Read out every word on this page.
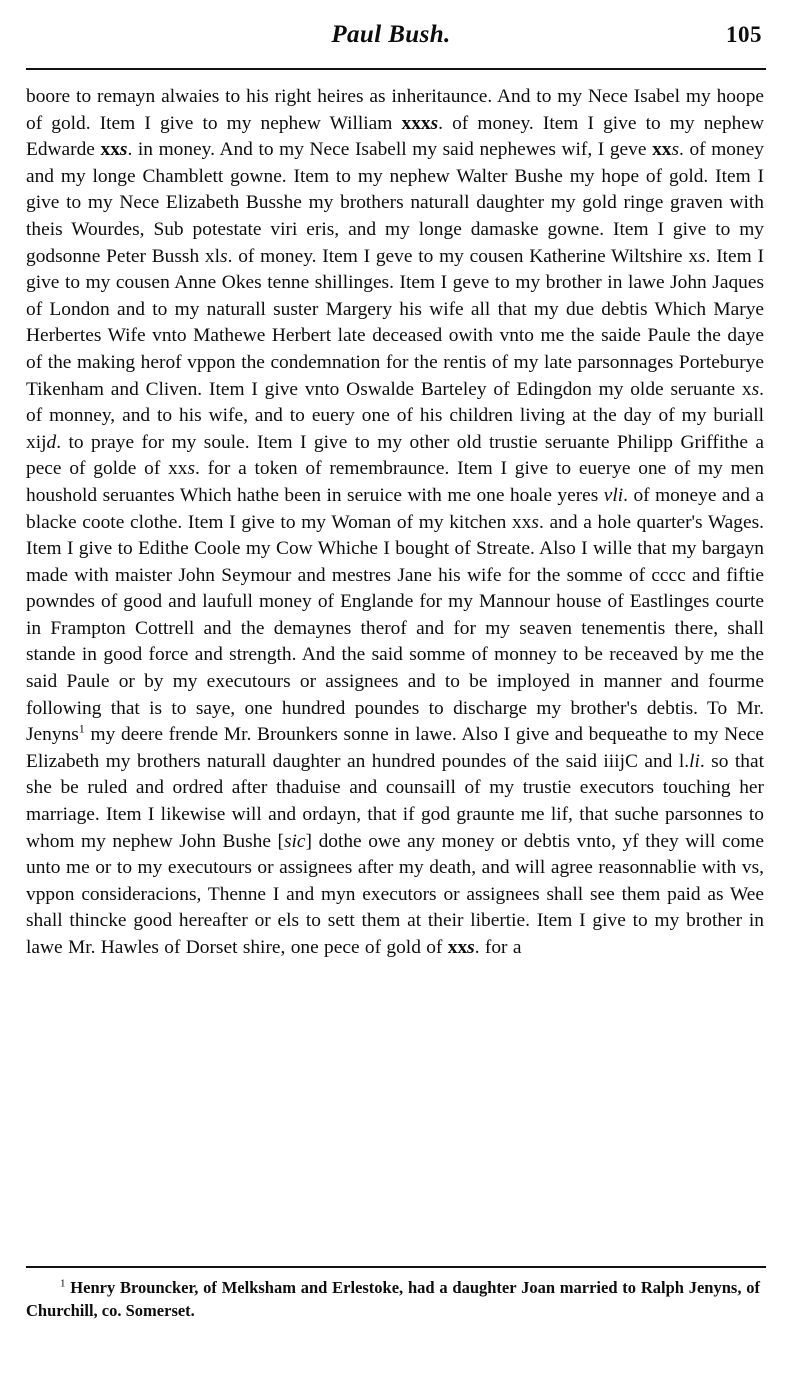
Paul Bush.	105

boore to remayn alwaies to his right heires as inheritaunce. And to my Nece Isabel my hoope of gold. Item I give to my nephew William xxxs. of money. Item I give to my nephew Edwarde xxs. in money. And to my Nece Isabell my said nephewes wif, I geve xxs. of money and my longe Chamblett gowne. Item to my nephew Walter Bushe my hope of gold. Item I give to my Nece Elizabeth Busshe my brothers naturall daughter my gold ringe graven with theis Wourdes, Sub potestate viri eris, and my longe damaske gowne. Item I give to my godsonne Peter Bussh xls. of money. Item I geve to my cousen Katherine Wiltshire xs. Item I give to my cousen Anne Okes tenne shillinges. Item I geve to my brother in lawe John Jaques of London and to my naturall suster Margery his wife all that my due debtis Which Marye Herbertes Wife vnto Mathewe Herbert late deceased owith vnto me the saide Paule the daye of the making herof vppon the condemnation for the rentis of my late parsonnages Porteburye Tikenham and Cliven. Item I give vnto Oswalde Barteley of Edingdon my olde seruante xs. of monney, and to his wife, and to euery one of his children living at the day of my buriall xijd. to praye for my soule. Item I give to my other old trustie seruante Philipp Griffithe a pece of golde of xxs. for a token of remembraunce. Item I give to euerye one of my men houshold seruantes Which hathe been in seruice with me one hoale yeres vli. of moneye and a blacke coote clothe. Item I give to my Woman of my kitchen xxs. and a hole quarter's Wages. Item I give to Edithe Coole my Cow Whiche I bought of Streate. Also I wille that my bargayn made with maister John Seymour and mestres Jane his wife for the somme of cccc and fiftie powndes of good and laufull money of Englande for my Mannour house of Eastlinges courte in Frampton Cottrell and the demaynes therof and for my seaven tenementis there, shall stande in good force and strength. And the said somme of monney to be receaved by me the said Paule or by my executours or assignees and to be imployed in manner and fourme following that is to saye, one hundred poundes to discharge my brother's debtis. To Mr. Jenyns$^1$ my deere frende Mr. Brounkers sonne in lawe. Also I give and bequeathe to my Nece Elizabeth my brothers naturall daughter an hundred poundes of the said iiijC and l.li. so that she be ruled and ordred after thaduise and counsaill of my trustie executors touching her marriage. Item I likewise will and ordayn, that if god graunte me lif, that suche parsonnes to whom my nephew John Bushe [sic] dothe owe any money or debtis vnto, yf they will come unto me or to my executours or assignees after my death, and will agree reasonnablie with vs, vppon consideracions, Thenne I and myn executors or assignees shall see them paid as Wee shall thincke good hereafter or els to sett them at their libertie. Item I give to my brother in lawe Mr. Hawles of Dorset shire, one pece of gold of xxs. for a

$^1$ Henry Brouncker, of Melksham and Erlestoke, had a daughter Joan married to Ralph Jenyns, of Churchill, co. Somerset.
